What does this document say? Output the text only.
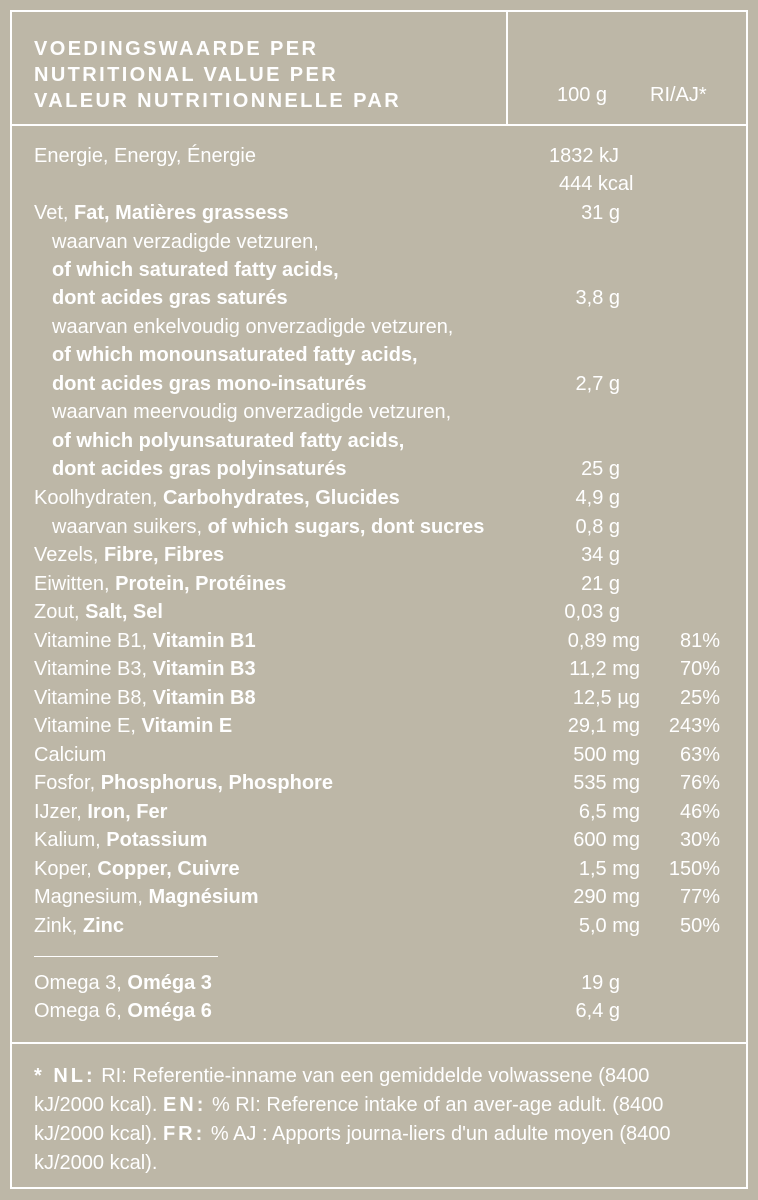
VOEDINGSWAARDE PER
NUTRITIONAL VALUE PER
VALEUR NUTRITIONNELLE PAR	100 g RI/AJ*
Energie, Energy, Énergie	1832 kJ
444 kcal
Vet, Fat, Matières grassess	31 g
waarvan verzadigde vetzuren,
of which saturated fatty acids,
dont acides gras saturés	3,8 g
waarvan enkelvoudig onverzadigde vetzuren,
of which monounsaturated fatty acids,
dont acides gras mono-insaturés	2,7 g
waarvan meervoudig onverzadigde vetzuren,
of which polyunsaturated fatty acids,
dont acides gras polyinsaturés	25 g
Koolhydraten, Carbohydrates, Glucides	4,9 g
waarvan suikers, of which sugars, dont sucres	0,8 g
Vezels, Fibre, Fibres	34 g
Eiwitten, Protein, Protéines	21 g
Zout, Salt, Sel	0,03 g
Vitamine B1, Vitamin B1	0,89 mg 81%
Vitamine B3, Vitamin B3	11,2 mg 70%
Vitamine B8, Vitamin B8	12,5 µg 25%
Vitamine E, Vitamin E	29,1 mg 243%
Calcium	500 mg 63%
Fosfor, Phosphorus, Phosphore	535 mg 76%
IJzer, Iron, Fer	6,5 mg 46%
Kalium, Potassium	600 mg 30%
Koper, Copper, Cuivre	1,5 mg 150%
Magnesium, Magnésium	290 mg 77%
Zink, Zinc	5,0 mg 50%
Omega 3, Oméga 3	19 g
Omega 6, Oméga 6	6,4 g
* NL: RI: Referentie-inname van een gemiddelde volwassene (8400 kJ/2000 kcal). EN: % RI: Reference intake of an aver-age adult. (8400 kJ/2000 kcal). FR: % AJ : Apports journa-liers d'un adulte moyen (8400 kJ/2000 kcal).
